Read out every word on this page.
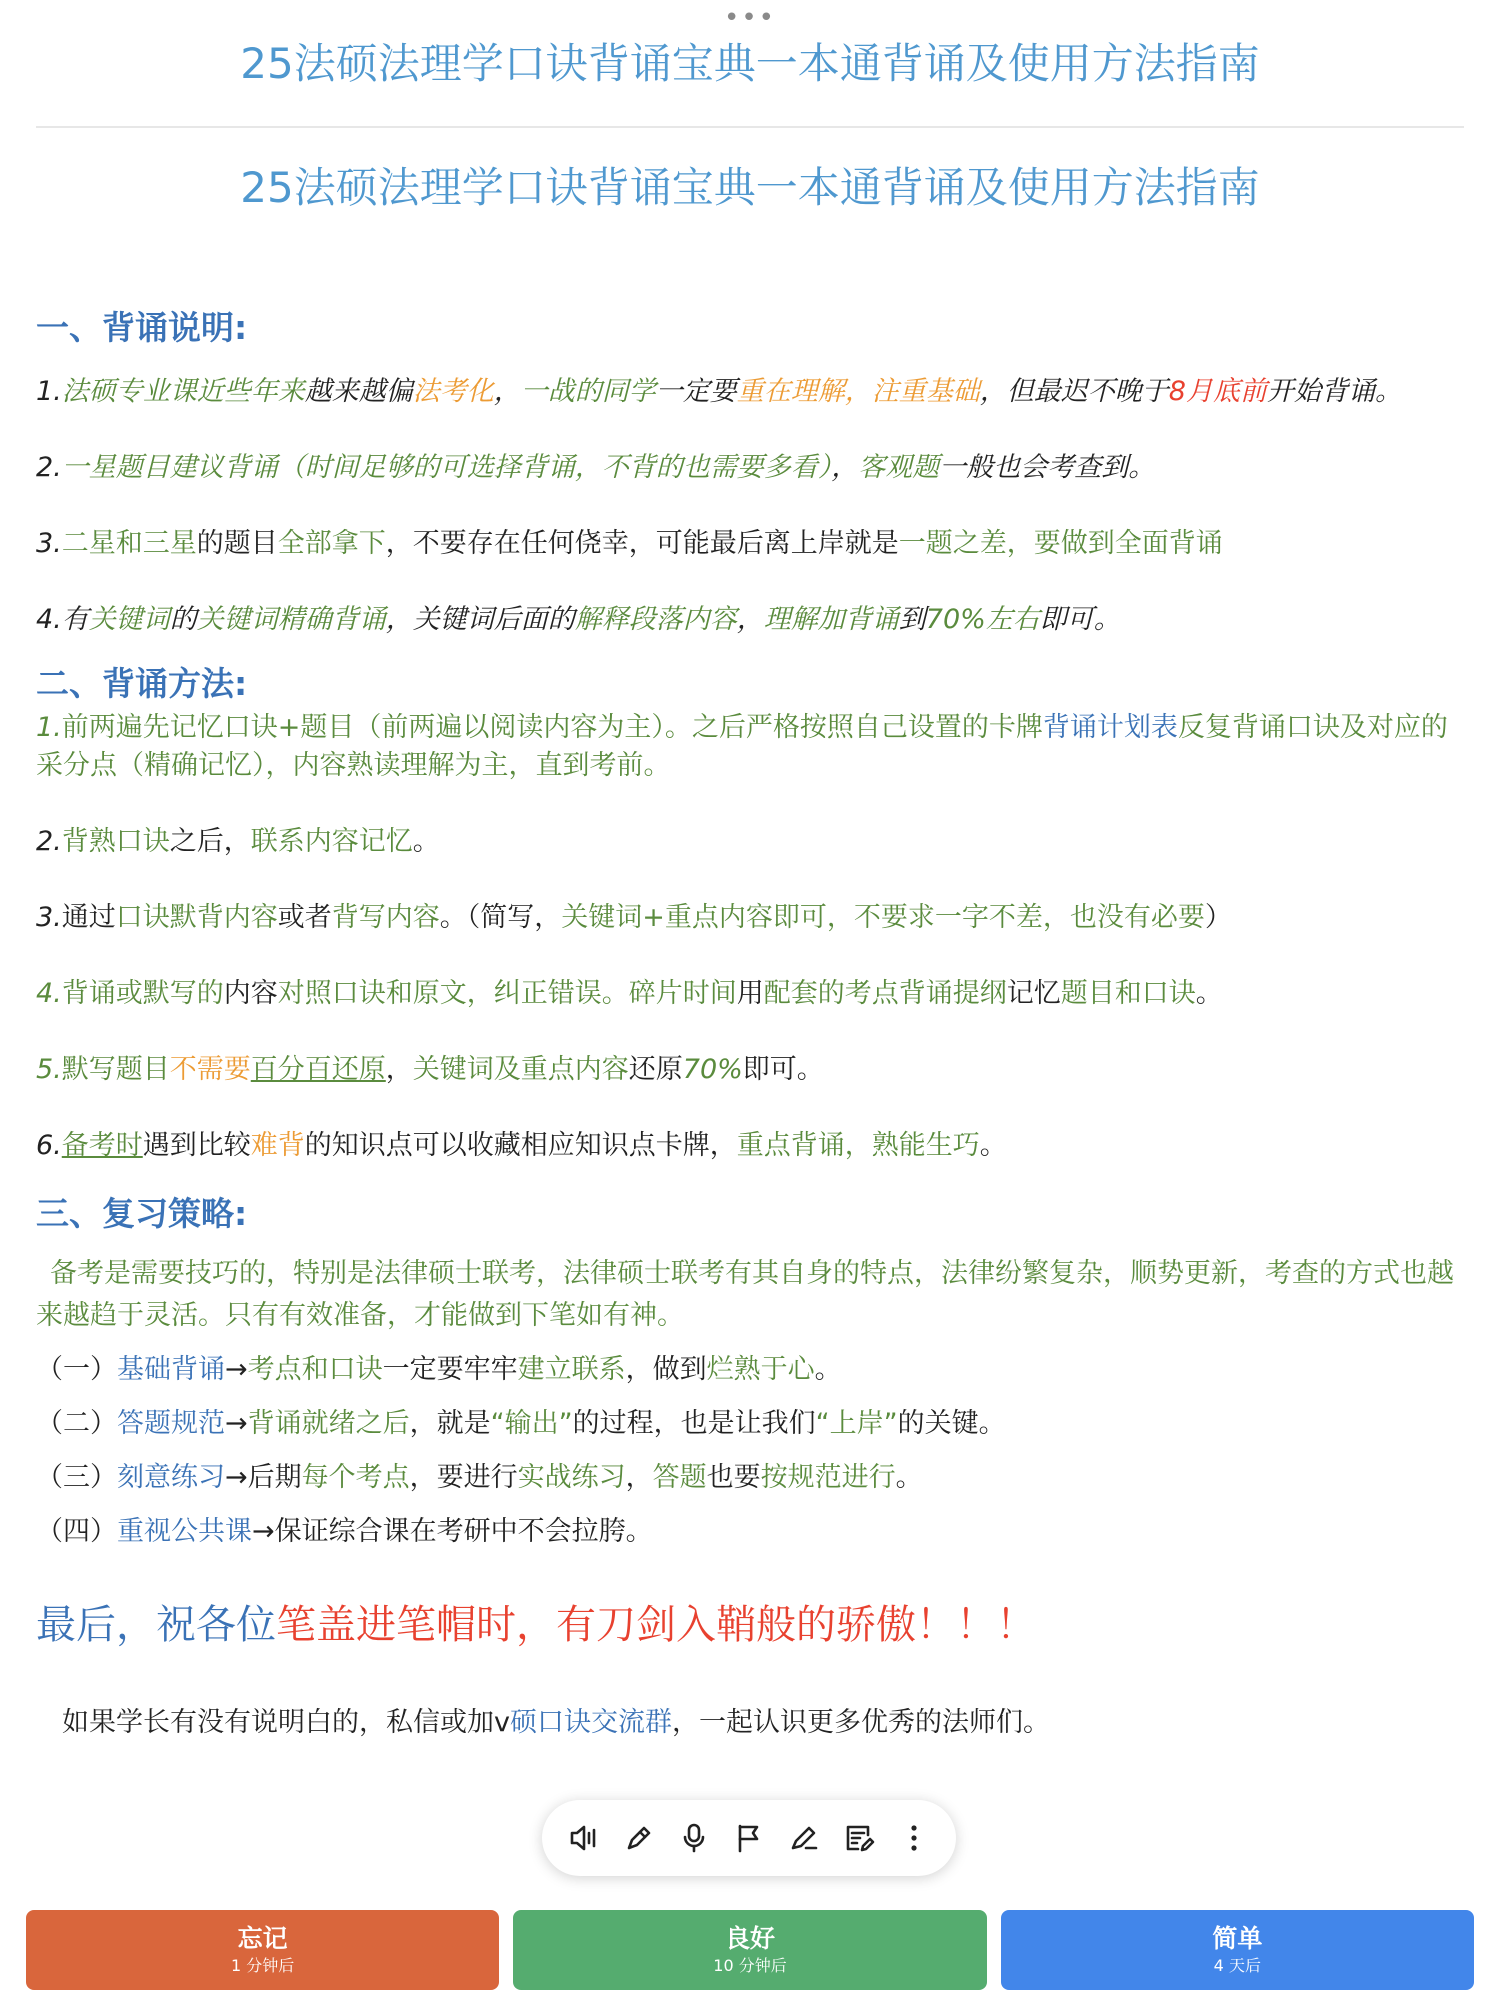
•••
25法硕法理学口诀背诵宝典一本通背诵及使用方法指南
25法硕法理学口诀背诵宝典一本通背诵及使用方法指南
一、背诵说明:

1.法硕专业课近些年来越来越偏法考化，一战的同学一定要重在理解，注重基础，但最迟不晚于8月底前开始背诵。

2.一星题目建议背诵（时间足够的可选择背诵，不背的也需要多看），客观题一般也会考查到。

3.二星和三星的题目全部拿下，不要存在任何侥幸，可能最后离上岸就是一题之差，要做到全面背诵

4.有关键词的关键词精确背诵，关键词后面的解释段落内容，理解加背诵到70%左右即可。

二、背诵方法:

1.前两遍先记忆口诀+题目（前两遍以阅读内容为主）。之后严格按照自己设置的卡牌背诵计划表反复背诵口诀及对应的采分点（精确记忆），内容熟读理解为主，直到考前。

2.背熟口诀之后，联系内容记忆。

3.通过口诀默背内容或者背写内容。（简写，关键词+重点内容即可，不要求一字不差，也没有必要）

4.背诵或默写的内容对照口诀和原文，纠正错误。碎片时间用配套的考点背诵提纲记忆题目和口诀。

5.默写题目不需要百分百还原，关键词及重点内容还原70%即可。

6.备考时遇到比较难背的知识点可以收藏相应知识点卡牌，重点背诵，熟能生巧。

三、复习策略:

备考是需要技巧的，特别是法律硕士联考，法律硕士联考有其自身的特点，法律纷繁复杂，顺势更新，考查的方式也越来越趋于灵活。只有有效准备，才能做到下笔如有神。

（一）基础背诵→考点和口诀一定要牢牢建立联系，做到烂熟于心。

（二）答题规范→背诵就绪之后，就是“输出”的过程，也是让我们“上岸”的关键。

（三）刻意练习→后期每个考点，要进行实战练习，答题也要按规范进行。

（四）重视公共课→保证综合课在考研中不会拉胯。

最后，祝各位笔盖进笔帽时，有刀剑入鞘般的骄傲！！！

如果学长有没有说明白的，私信或加v硕口诀交流群，一起认识更多优秀的法师们。

忘记
1 分钟后
良好
10 分钟后
简单
4 天后
